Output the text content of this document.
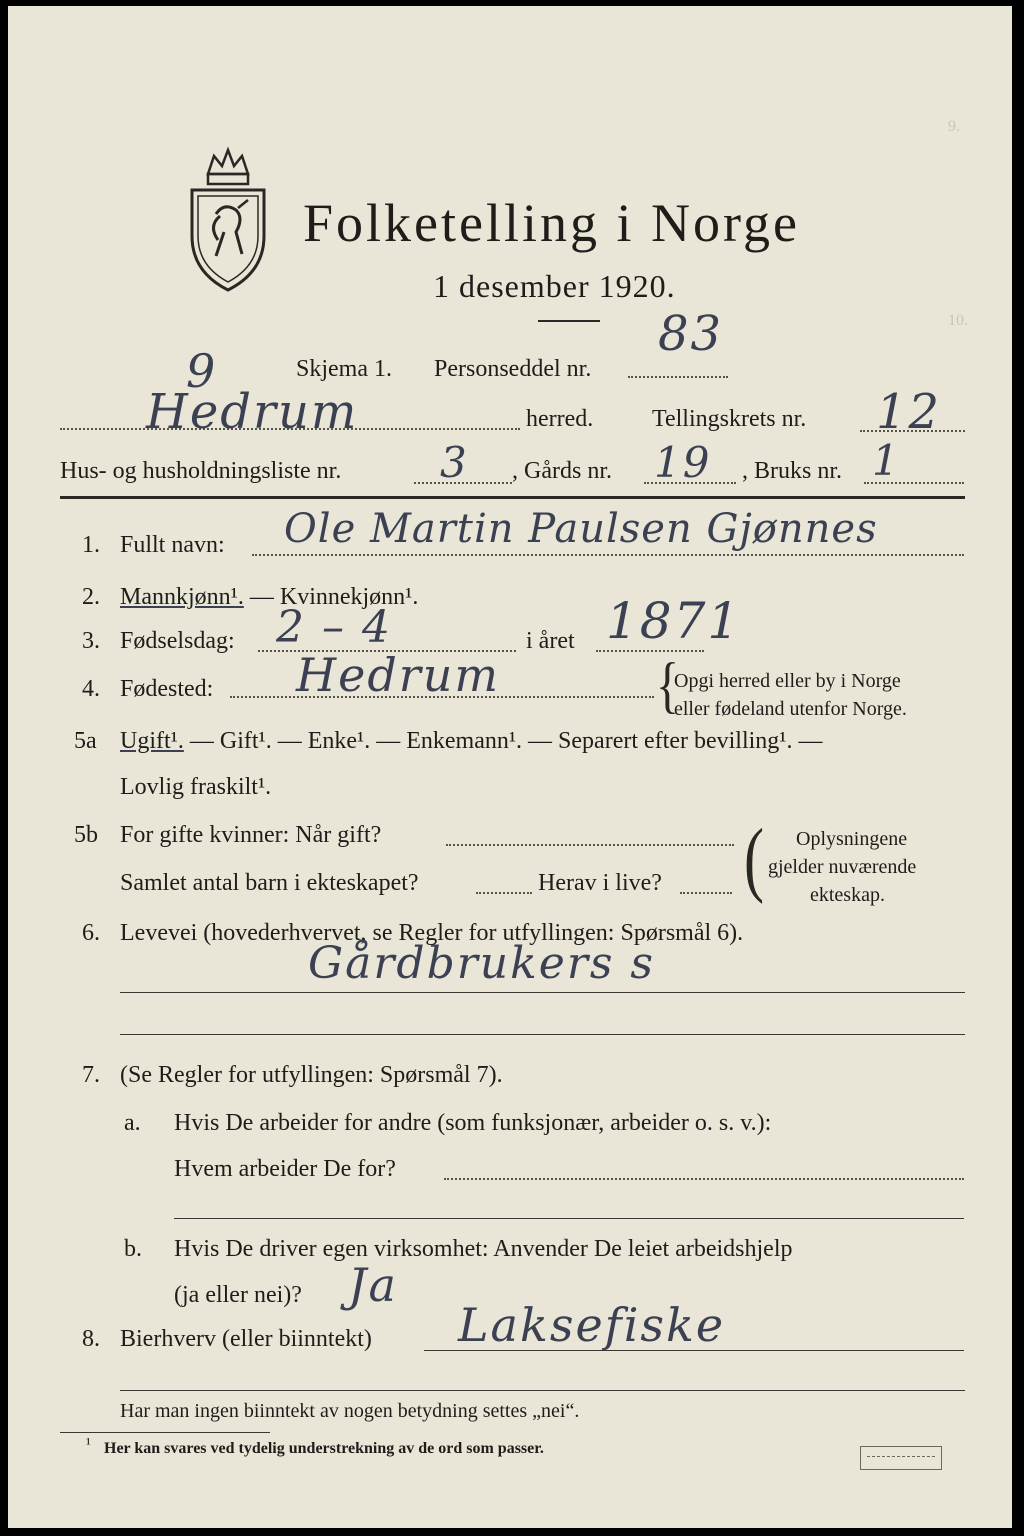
Folketelling i Norge
1 desember 1920.
9.
10.
Skjema 1. Personseddel nr.
83
9
Hedrum	herred. Tellingskrets nr. 12
Hus- og husholdningsliste nr. 3 , Gårds nr. 19 , Bruks nr. 1
1. Fullt navn: Ole Martin Paulsen Gjønnes
2. Mannkjønn¹. — Kvinnekjønn¹.
3. Fødselsdag: 2 – 4	i året 1871
4. Fødested: Hedrum	{
Opgi herred eller by i Norge
eller fødeland utenfor Norge.
5a Ugift¹. — Gift¹. — Enke¹. — Enkemann¹. — Separert efter bevilling¹. —
Lovlig fraskilt¹.
5b For gifte kvinner: Når gift?
Samlet antal barn i ekteskapet?	Herav i live? ( Oplysningene
gjelder nuværende
ekteskap.
6. Levevei (hovederhvervet, se Regler for utfyllingen: Spørsmål 6).
Gårdbrukers s
7. (Se Regler for utfyllingen: Spørsmål 7).
a. Hvis De arbeider for andre (som funksjonær, arbeider o. s. v.):
Hvem arbeider De for?
b. Hvis De driver egen virksomhet: Anvender De leiet arbeidshjelp
(ja eller nei)? Ja
8. Bierhverv (eller biinntekt) Laksefiske
Har man ingen biinntekt av nogen betydning settes „nei“.
¹ Her kan svares ved tydelig understrekning av de ord som passer.
